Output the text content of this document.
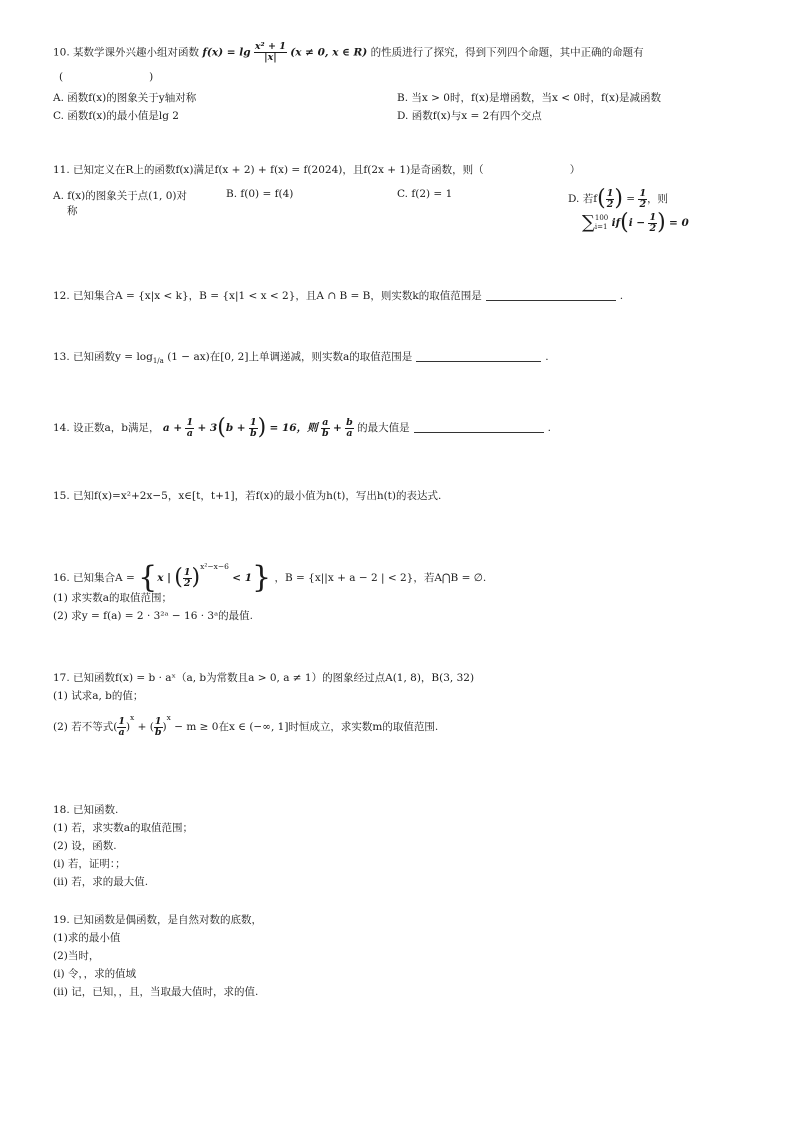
10. 某数学课外兴趣小组对函数 $f(x) = \lg \frac{\text{x² + 1}}{|x|} (x \ne 0$, x ∈ R) 的性质进行了探究，得到下列四个命题，其中正确的命题有
(	)
A. 函数f(x)的图象关于y轴对称	B. 当x > 0时，f(x)是增函数，当x < 0时，f(x)是减函数
C. 函数f(x)的最小值是lg 2	D. 函数f(x)与x = 2有四个交点
11. 已知定义在R上的函数f(x)满足f(x + 2) + f(x) = f(2024)，且f(2x + 1)是奇函数，则（	）
A. f(x)的图象关于点(1, 0)对
称
B. f(0) = f(4)	C. f(2) = 1	D. 若$f( \frac{1}{2}$ ) = $\frac{1}{2}$ ，则
∑ 100
i=1 $if(i - \frac{1}{2}$ ) = 0
12. 已知集合A = {x|x < k}，B = {x|1 < x < 2}，且A ∩ B = B，则实数k的取值范围是	.
13. 已知函数$y = \log_{1/a} (1 - ax)$在[0, 2]上单调递减，则实数a的取值范围是	.
14. 设正数a，b满足， $a + \frac{1}{a} + 3(b + \frac{1}{b}$ ) = 16，则 $\frac{a}{b} + \frac{b}{a}$ 的最大值是	.
15. 已知f(x)=x²+2x−5，x∈[t，t+1]，若f(x)的最小值为h(t)，写出h(t)的表达式.
16. 已知集合A = {x | ( $\frac{1}{2} )^{x^2-x-6} < 1$} ，B = {x||x + a − 2 | < 2}，若A⋂B = ∅.
(1) 求实数a的取值范围；
(2) 求y = f(a) = 2 · 3²ᵃ − 16 · 3ᵃ的最值.
17. 已知函数f(x) = b · aˣ（a, b为常数且a > 0, a ≠ 1）的图象经过点A(1, 8)，B(3, 32)
(1) 试求a, b的值；
(2) 若不等式( $\frac{1}{a} )^x$ + ( $\frac{1}{b} )^x - m \ge 0$在x ∈ (−∞, 1]时恒成立，求实数m的取值范围.
18. 已知函数.
(1) 若，求实数a的取值范围；
(2) 设，函数.
(ⅰ) 若，证明：；
(ⅱ) 若，求的最大值.
19. 已知函数是偶函数，是自然对数的底数，
(1)求的最小值
(2)当时，
(ⅰ) 令，，求的值域
(ⅱ) 记，已知，，且，当取最大值时，求的值.
